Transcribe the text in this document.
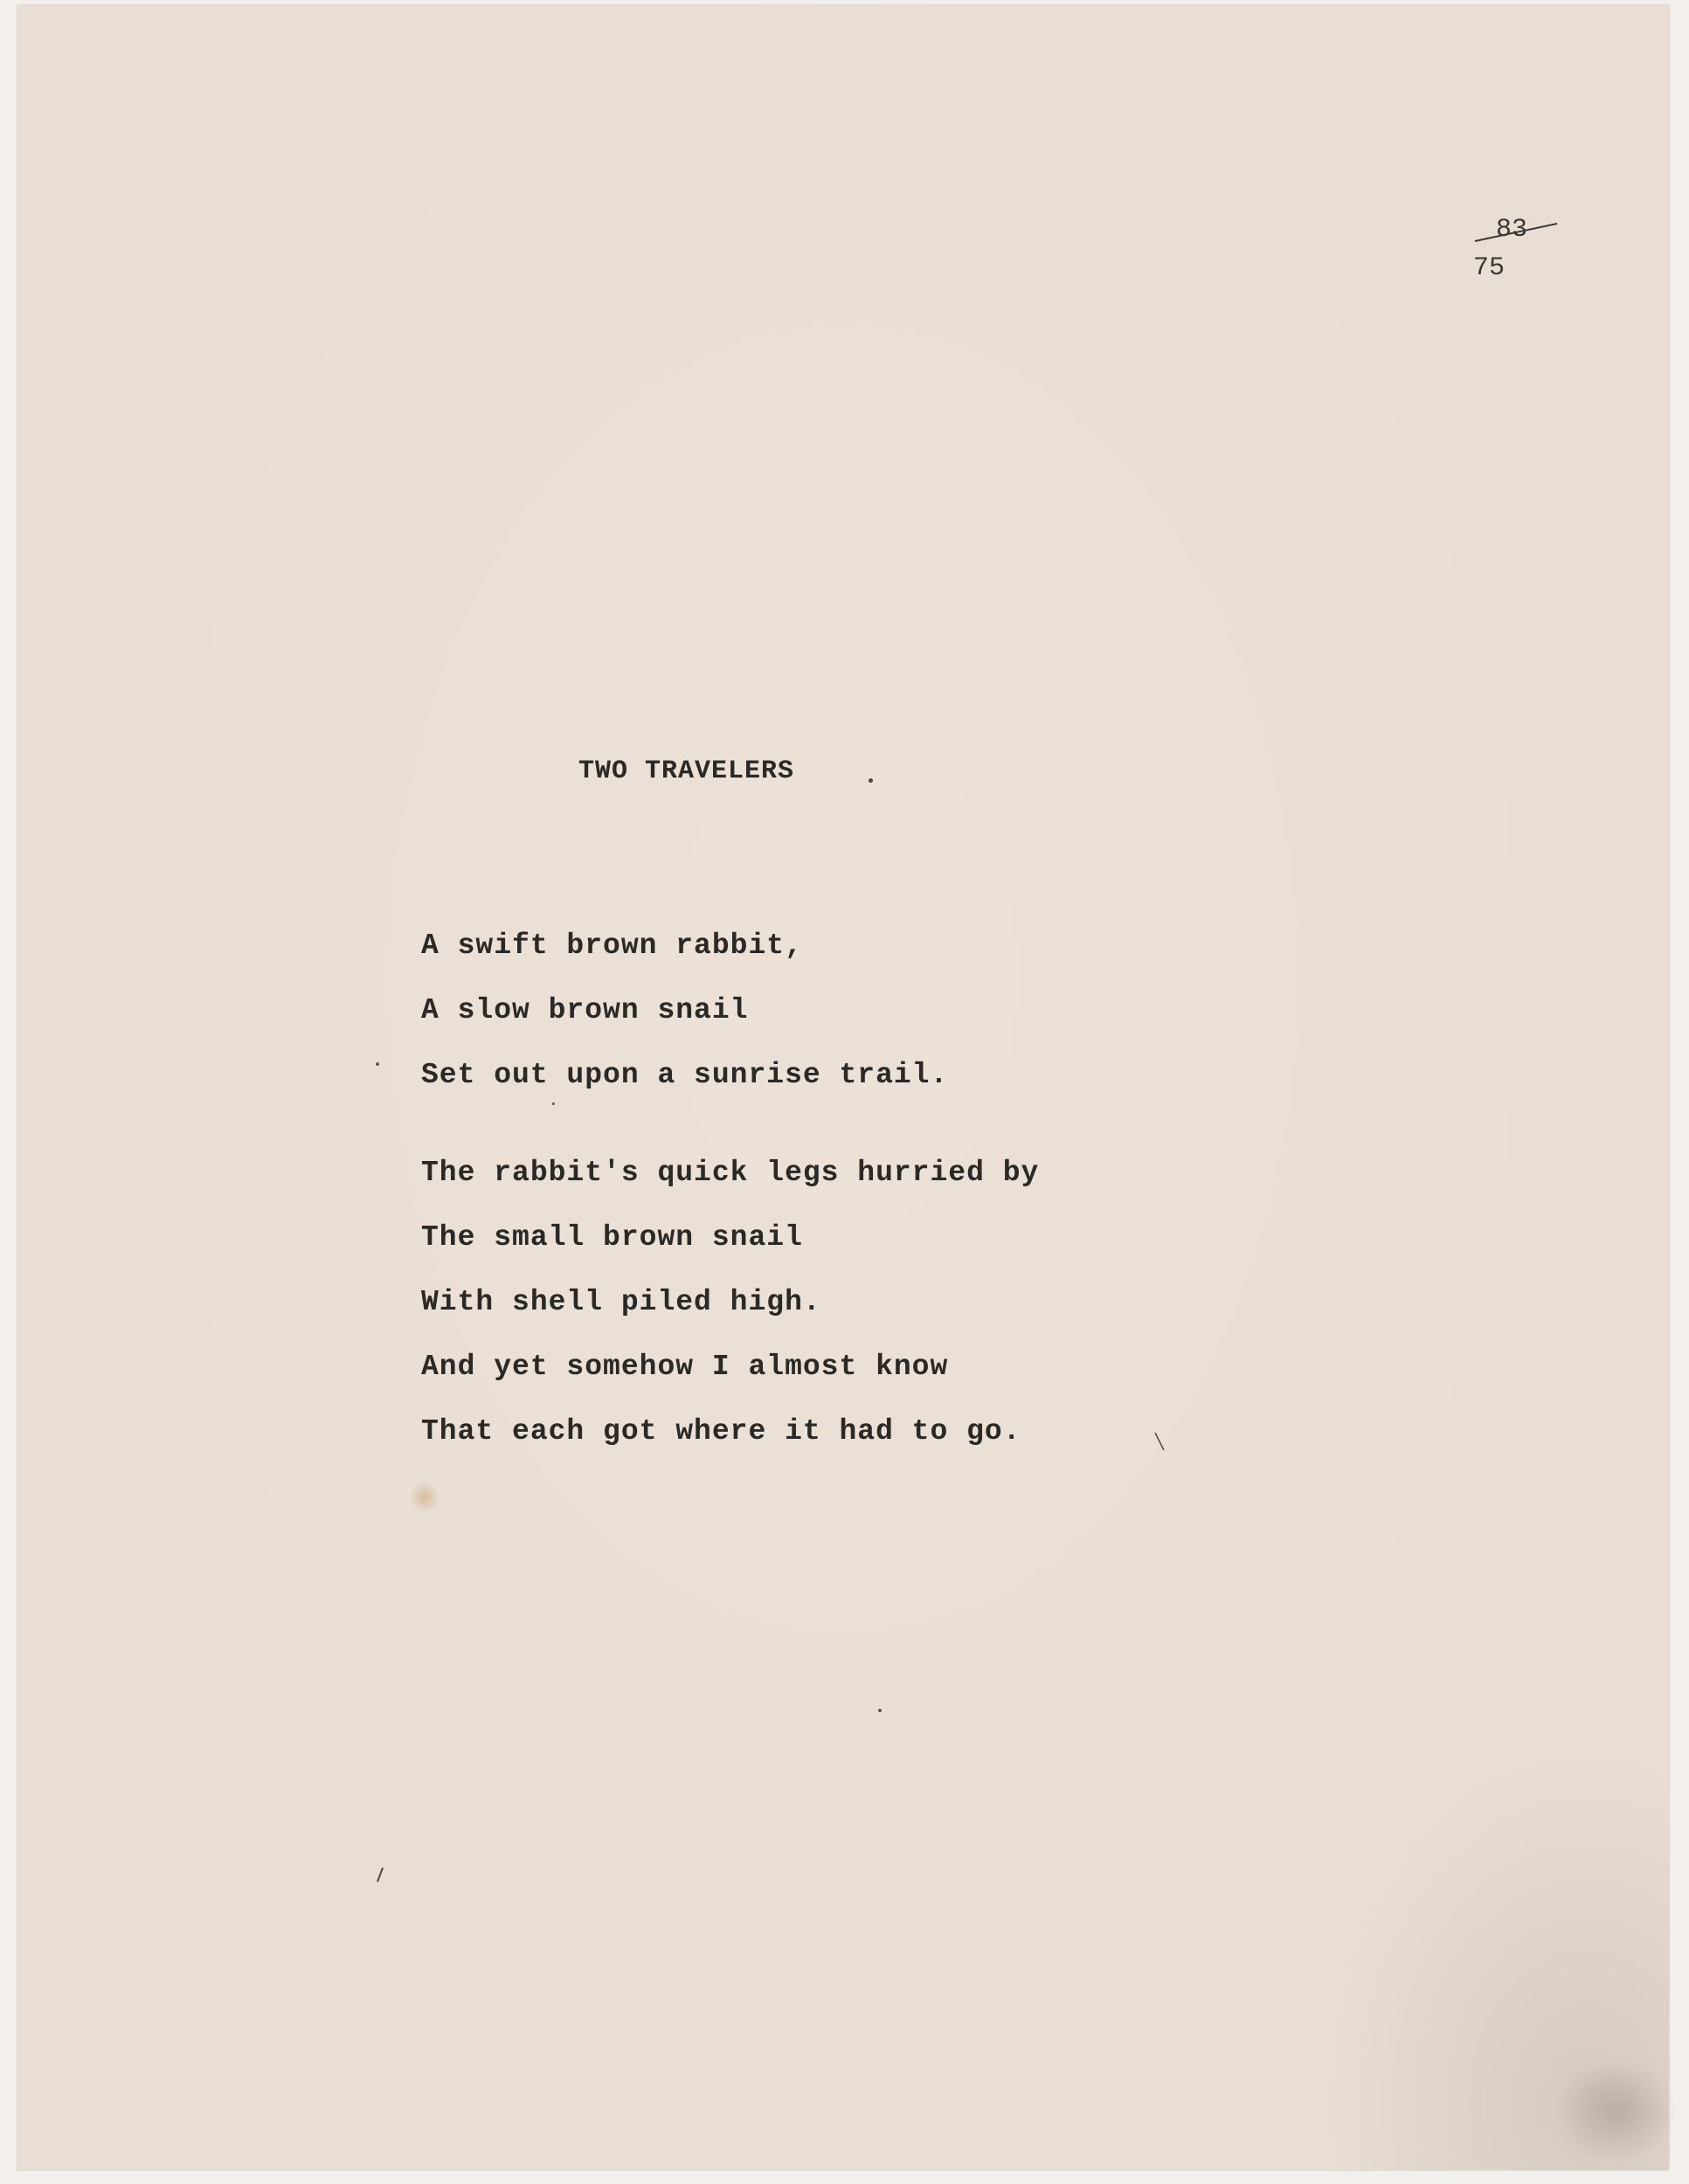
83
75
TWO TRAVELERS
A swift brown rabbit,
A slow brown snail
Set out upon a sunrise trail.
The rabbit's quick legs hurried by
The small brown snail
With shell piled high.
And yet somehow I almost know
That each got where it had to go.
